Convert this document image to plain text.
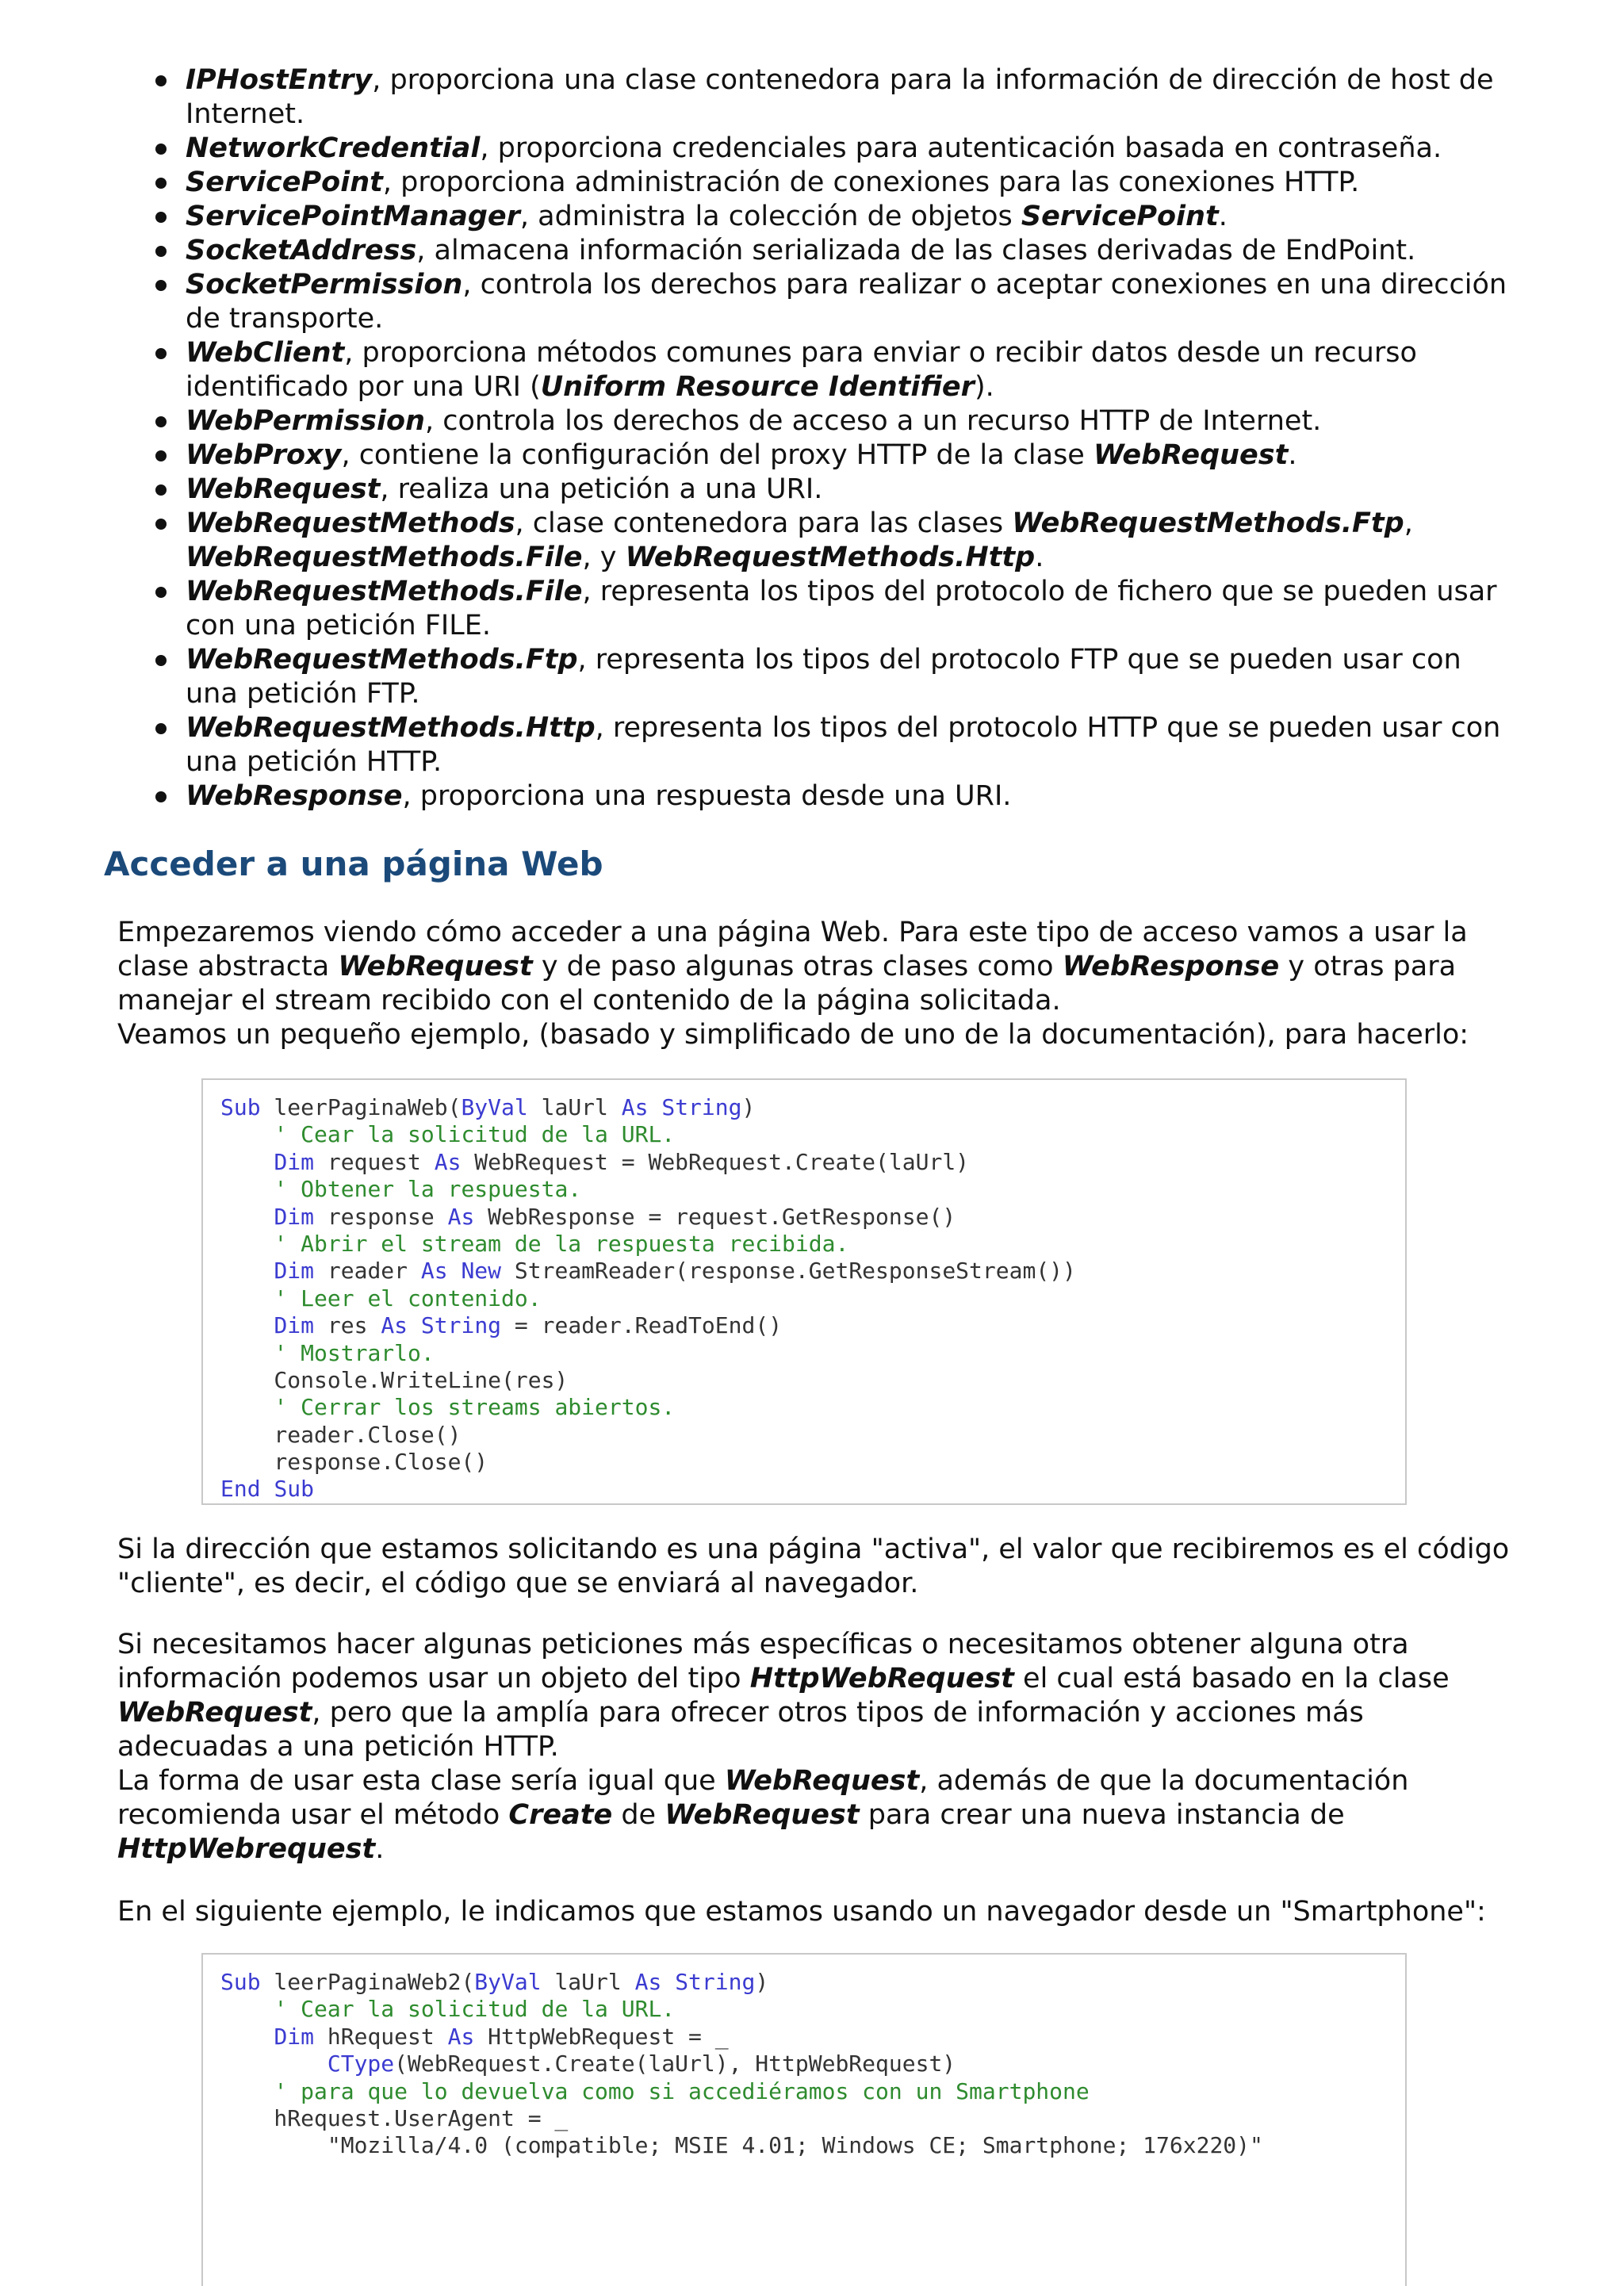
IPHostEntry, proporciona una clase contenedora para la información de dirección de host de Internet.
NetworkCredential, proporciona credenciales para autenticación basada en contraseña.
ServicePoint, proporciona administración de conexiones para las conexiones HTTP.
ServicePointManager, administra la colección de objetos ServicePoint.
SocketAddress, almacena información serializada de las clases derivadas de EndPoint.
SocketPermission, controla los derechos para realizar o aceptar conexiones en una dirección de transporte.
WebClient, proporciona métodos comunes para enviar o recibir datos desde un recurso identificado por una URI (Uniform Resource Identifier).
WebPermission, controla los derechos de acceso a un recurso HTTP de Internet.
WebProxy, contiene la configuración del proxy HTTP de la clase WebRequest.
WebRequest, realiza una petición a una URI.
WebRequestMethods, clase contenedora para las clases WebRequestMethods.Ftp, WebRequestMethods.File, y WebRequestMethods.Http.
WebRequestMethods.File, representa los tipos del protocolo de fichero que se pueden usar con una petición FILE.
WebRequestMethods.Ftp, representa los tipos del protocolo FTP que se pueden usar con una petición FTP.
WebRequestMethods.Http, representa los tipos del protocolo HTTP que se pueden usar con una petición HTTP.
WebResponse, proporciona una respuesta desde una URI.
Acceder a una página Web

Empezaremos viendo cómo acceder a una página Web. Para este tipo de acceso vamos a usar la clase abstracta WebRequest y de paso algunas otras clases como WebResponse y otras para manejar el stream recibido con el contenido de la página solicitada.
Veamos un pequeño ejemplo, (basado y simplificado de uno de la documentación), para hacerlo:

Sub leerPaginaWeb(ByVal laUrl As String)
' Cear la solicitud de la URL.
Dim request As WebRequest = WebRequest.Create(laUrl)
' Obtener la respuesta.
Dim response As WebResponse = request.GetResponse()
' Abrir el stream de la respuesta recibida.
Dim reader As New StreamReader(response.GetResponseStream())
' Leer el contenido.
Dim res As String = reader.ReadToEnd()
' Mostrarlo.
Console.WriteLine(res)
' Cerrar los streams abiertos.
reader.Close()
response.Close()
End Sub

Si la dirección que estamos solicitando es una página "activa", el valor que recibiremos es el código "cliente", es decir, el código que se enviará al navegador.

Si necesitamos hacer algunas peticiones más específicas o necesitamos obtener alguna otra información podemos usar un objeto del tipo HttpWebRequest el cual está basado en la clase WebRequest, pero que la amplía para ofrecer otros tipos de información y acciones más adecuadas a una petición HTTP.
La forma de usar esta clase sería igual que WebRequest, además de que la documentación recomienda usar el método Create de WebRequest para crear una nueva instancia de HttpWebrequest.

En el siguiente ejemplo, le indicamos que estamos usando un navegador desde un "Smartphone":

Sub leerPaginaWeb2(ByVal laUrl As String)
' Cear la solicitud de la URL.
Dim hRequest As HttpWebRequest = _
CType(WebRequest.Create(laUrl), HttpWebRequest)
' para que lo devuelva como si accediéramos con un Smartphone
hRequest.UserAgent = _
"Mozilla/4.0 (compatible; MSIE 4.01; Windows CE; Smartphone; 176x220)"
